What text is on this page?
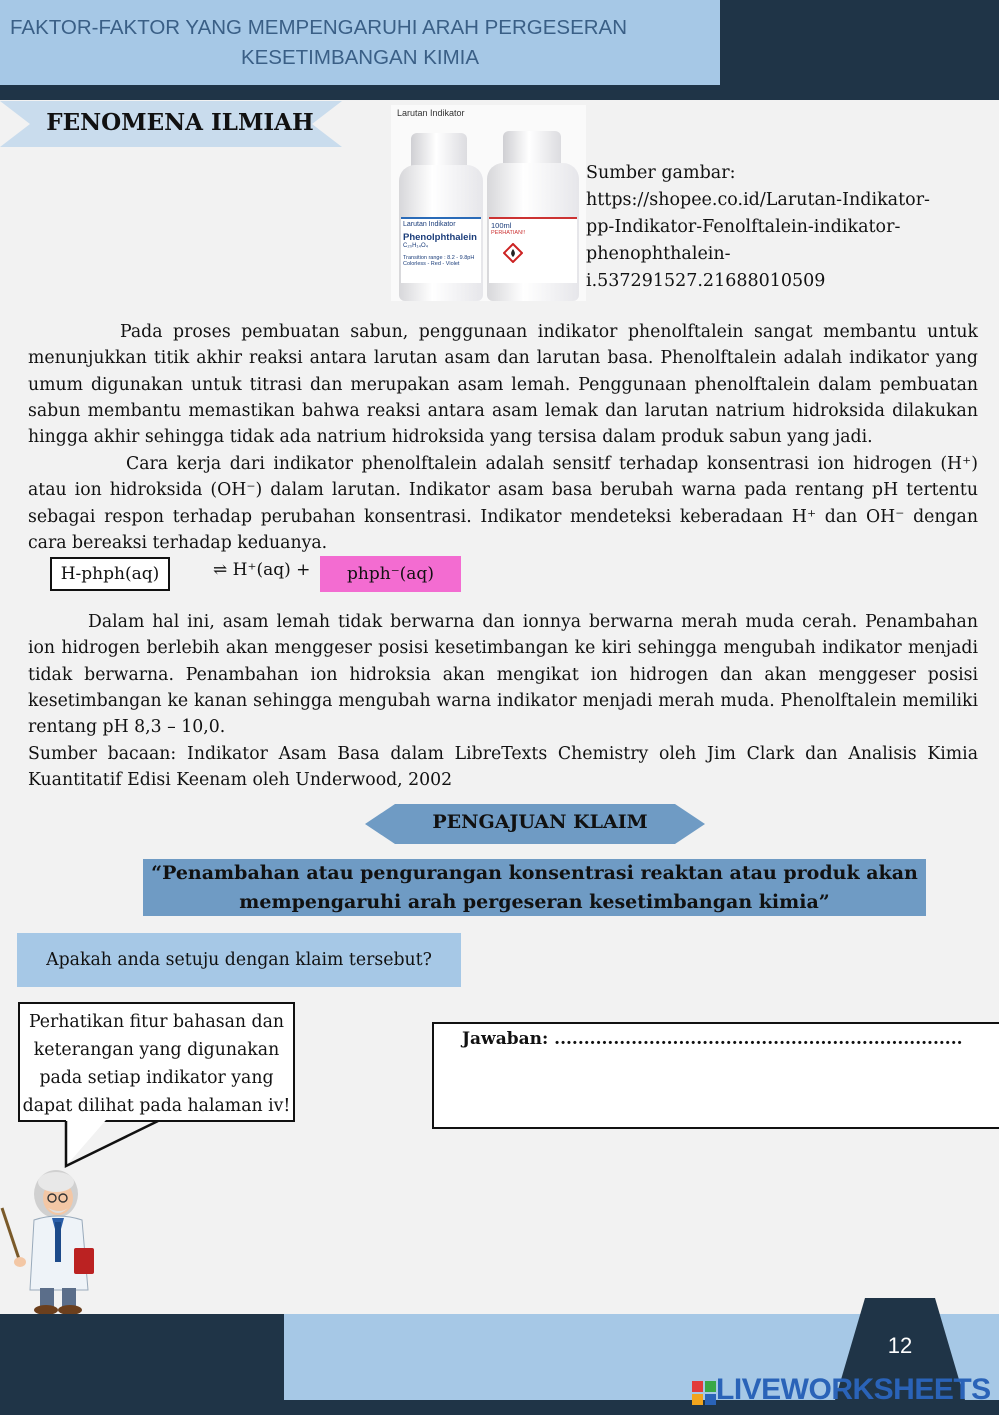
FAKTOR-FAKTOR YANG MEMPENGARUHI ARAH PERGESERAN
KESETIMBANGAN KIMIA
FENOMENA ILMIAH	Larutan Indikator
Larutan Indikator
Phenolphthalein
C₂₀H₁₄O₄
Transition range : 8.2 - 9.8pH
Colorless - Red - Violet
100ml
PERHATIAN!!
Sumber gambar:
https://shopee.co.id/Larutan-Indikator-
pp-Indikator-Fenolftalein-indikator-
phenophthalein-
i.537291527.21688010509

Pada proses pembuatan sabun, penggunaan indikator phenolftalein sangat membantu untuk menunjukkan titik akhir reaksi antara larutan asam dan larutan basa. Phenolftalein adalah indikator yang umum digunakan untuk titrasi dan merupakan asam lemah. Penggunaan phenolftalein dalam pembuatan sabun membantu memastikan bahwa reaksi antara asam lemak dan larutan natrium hidroksida dilakukan hingga akhir sehingga tidak ada natrium hidroksida yang tersisa dalam produk sabun yang jadi.

Cara kerja dari indikator phenolftalein adalah sensitf terhadap konsentrasi ion hidrogen (H⁺) atau ion hidroksida (OH⁻) dalam larutan. Indikator asam basa berubah warna pada rentang pH tertentu sebagai respon terhadap perubahan konsentrasi. Indikator mendeteksi keberadaan H⁺ dan OH⁻ dengan cara bereaksi terhadap keduanya.

H-phph(aq)	⇌ H⁺(aq) +	phph⁻(aq)

Dalam hal ini, asam lemah tidak berwarna dan ionnya berwarna merah muda cerah. Penambahan ion hidrogen berlebih akan menggeser posisi kesetimbangan ke kiri sehingga mengubah indikator menjadi tidak berwarna. Penambahan ion hidroksia akan mengikat ion hidrogen dan akan menggeser posisi kesetimbangan ke kanan sehingga mengubah warna indikator menjadi merah muda. Phenolftalein memiliki rentang pH 8,3 – 10,0.

Sumber bacaan: Indikator Asam Basa dalam LibreTexts Chemistry oleh Jim Clark dan Analisis Kimia Kuantitatif Edisi Keenam oleh Underwood, 2002

PENGAJUAN KLAIM
“Penambahan atau pengurangan konsentrasi reaktan atau produk akan
mempengaruhi arah pergeseran kesetimbangan kimia”
Apakah anda setuju dengan klaim tersebut?
Perhatikan fitur bahasan dan
keterangan yang digunakan
pada setiap indikator yang
dapat dilihat pada halaman iv!
Jawaban: .....................................................................
12
LIVEWORKSHEETS
